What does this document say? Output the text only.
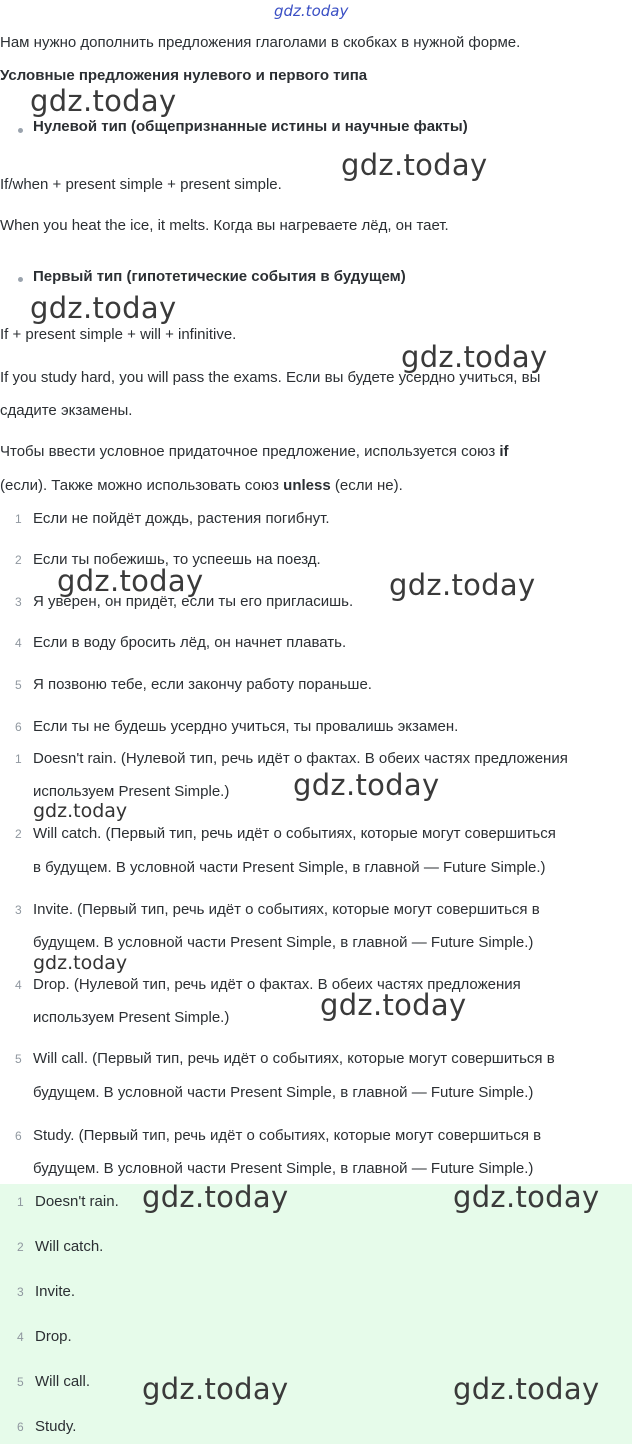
gdz.today
Нам нужно дополнить предложения глаголами в скобках в нужной форме.
Условные предложения нулевого и первого типа
Нулевой тип (общепризнанные истины и научные факты)
If/when + present simple + present simple.
When you heat the ice, it melts. Когда вы нагреваете лёд, он тает.
Первый тип (гипотетические события в будущем)
If + present simple + will + infinitive.
If you study hard, you will pass the exams. Если вы будете усердно учиться, вы
сдадите экзамены.
Чтобы ввести условное придаточное предложение, используется союз if
(если). Также можно использовать союз unless (если не).
1 Если не пойдёт дождь, растения погибнут.
2 Если ты побежишь, то успеешь на поезд.
3 Я уверен, он придёт, если ты его пригласишь.
4 Если в воду бросить лёд, он начнет плавать.
5 Я позвоню тебе, если закончу работу пораньше.
6 Если ты не будешь усердно учиться, ты провалишь экзамен.
1 Doesn't rain. (Нулевой тип, речь идёт о фактах. В обеих частях предложения
используем Present Simple.)
2 Will catch. (Первый тип, речь идёт о событиях, которые могут совершиться
в будущем. В условной части Present Simple, в главной — Future Simple.)
3 Invite. (Первый тип, речь идёт о событиях, которые могут совершиться в
будущем. В условной части Present Simple, в главной — Future Simple.)
4 Drop. (Нулевой тип, речь идёт о фактах. В обеих частях предложения
используем Present Simple.)
5 Will call. (Первый тип, речь идёт о событиях, которые могут совершиться в
будущем. В условной части Present Simple, в главной — Future Simple.)
6 Study. (Первый тип, речь идёт о событиях, которые могут совершиться в
будущем. В условной части Present Simple, в главной — Future Simple.)
1 Doesn't rain.
2 Will catch.
3 Invite.
4 Drop.
5 Will call.
6 Study.
gdz.today
gdz.today
gdz.today
gdz.today
gdz.today	gdz.today
gdz.today
gdz.today
gdz.today
gdz.today
gdz.today	gdz.today
gdz.today	gdz.today
